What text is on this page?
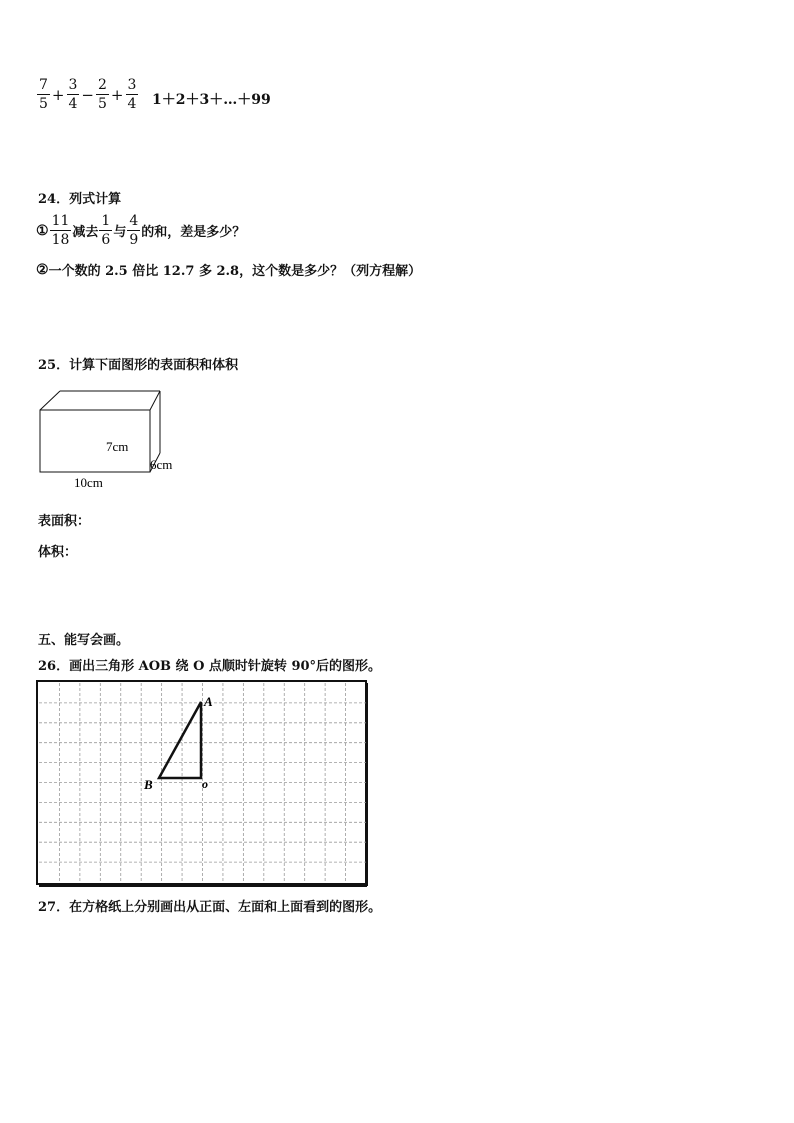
$\frac{7}{5} + \frac{3}{4} - \frac{2}{5} + \frac{3}{4}$ 1＋2＋3＋…＋99
24．列式计算
① $\frac{11}{18}$ 减去 $\frac{1}{6}$ 与 $\frac{4}{9}$ 的和，差是多少？
② 一个数的 2.5 倍比 12.7 多 2.8，这个数是多少？（列方程解）
25．计算下面图形的表面积和体积
7cm
6cm
10cm
表面积：
体积：
五、能写会画。
26．画出三角形 AOB 绕 O 点顺时针旋转 90°后的图形。
A
B	o
27．在方格纸上分别画出从正面、左面和上面看到的图形。
